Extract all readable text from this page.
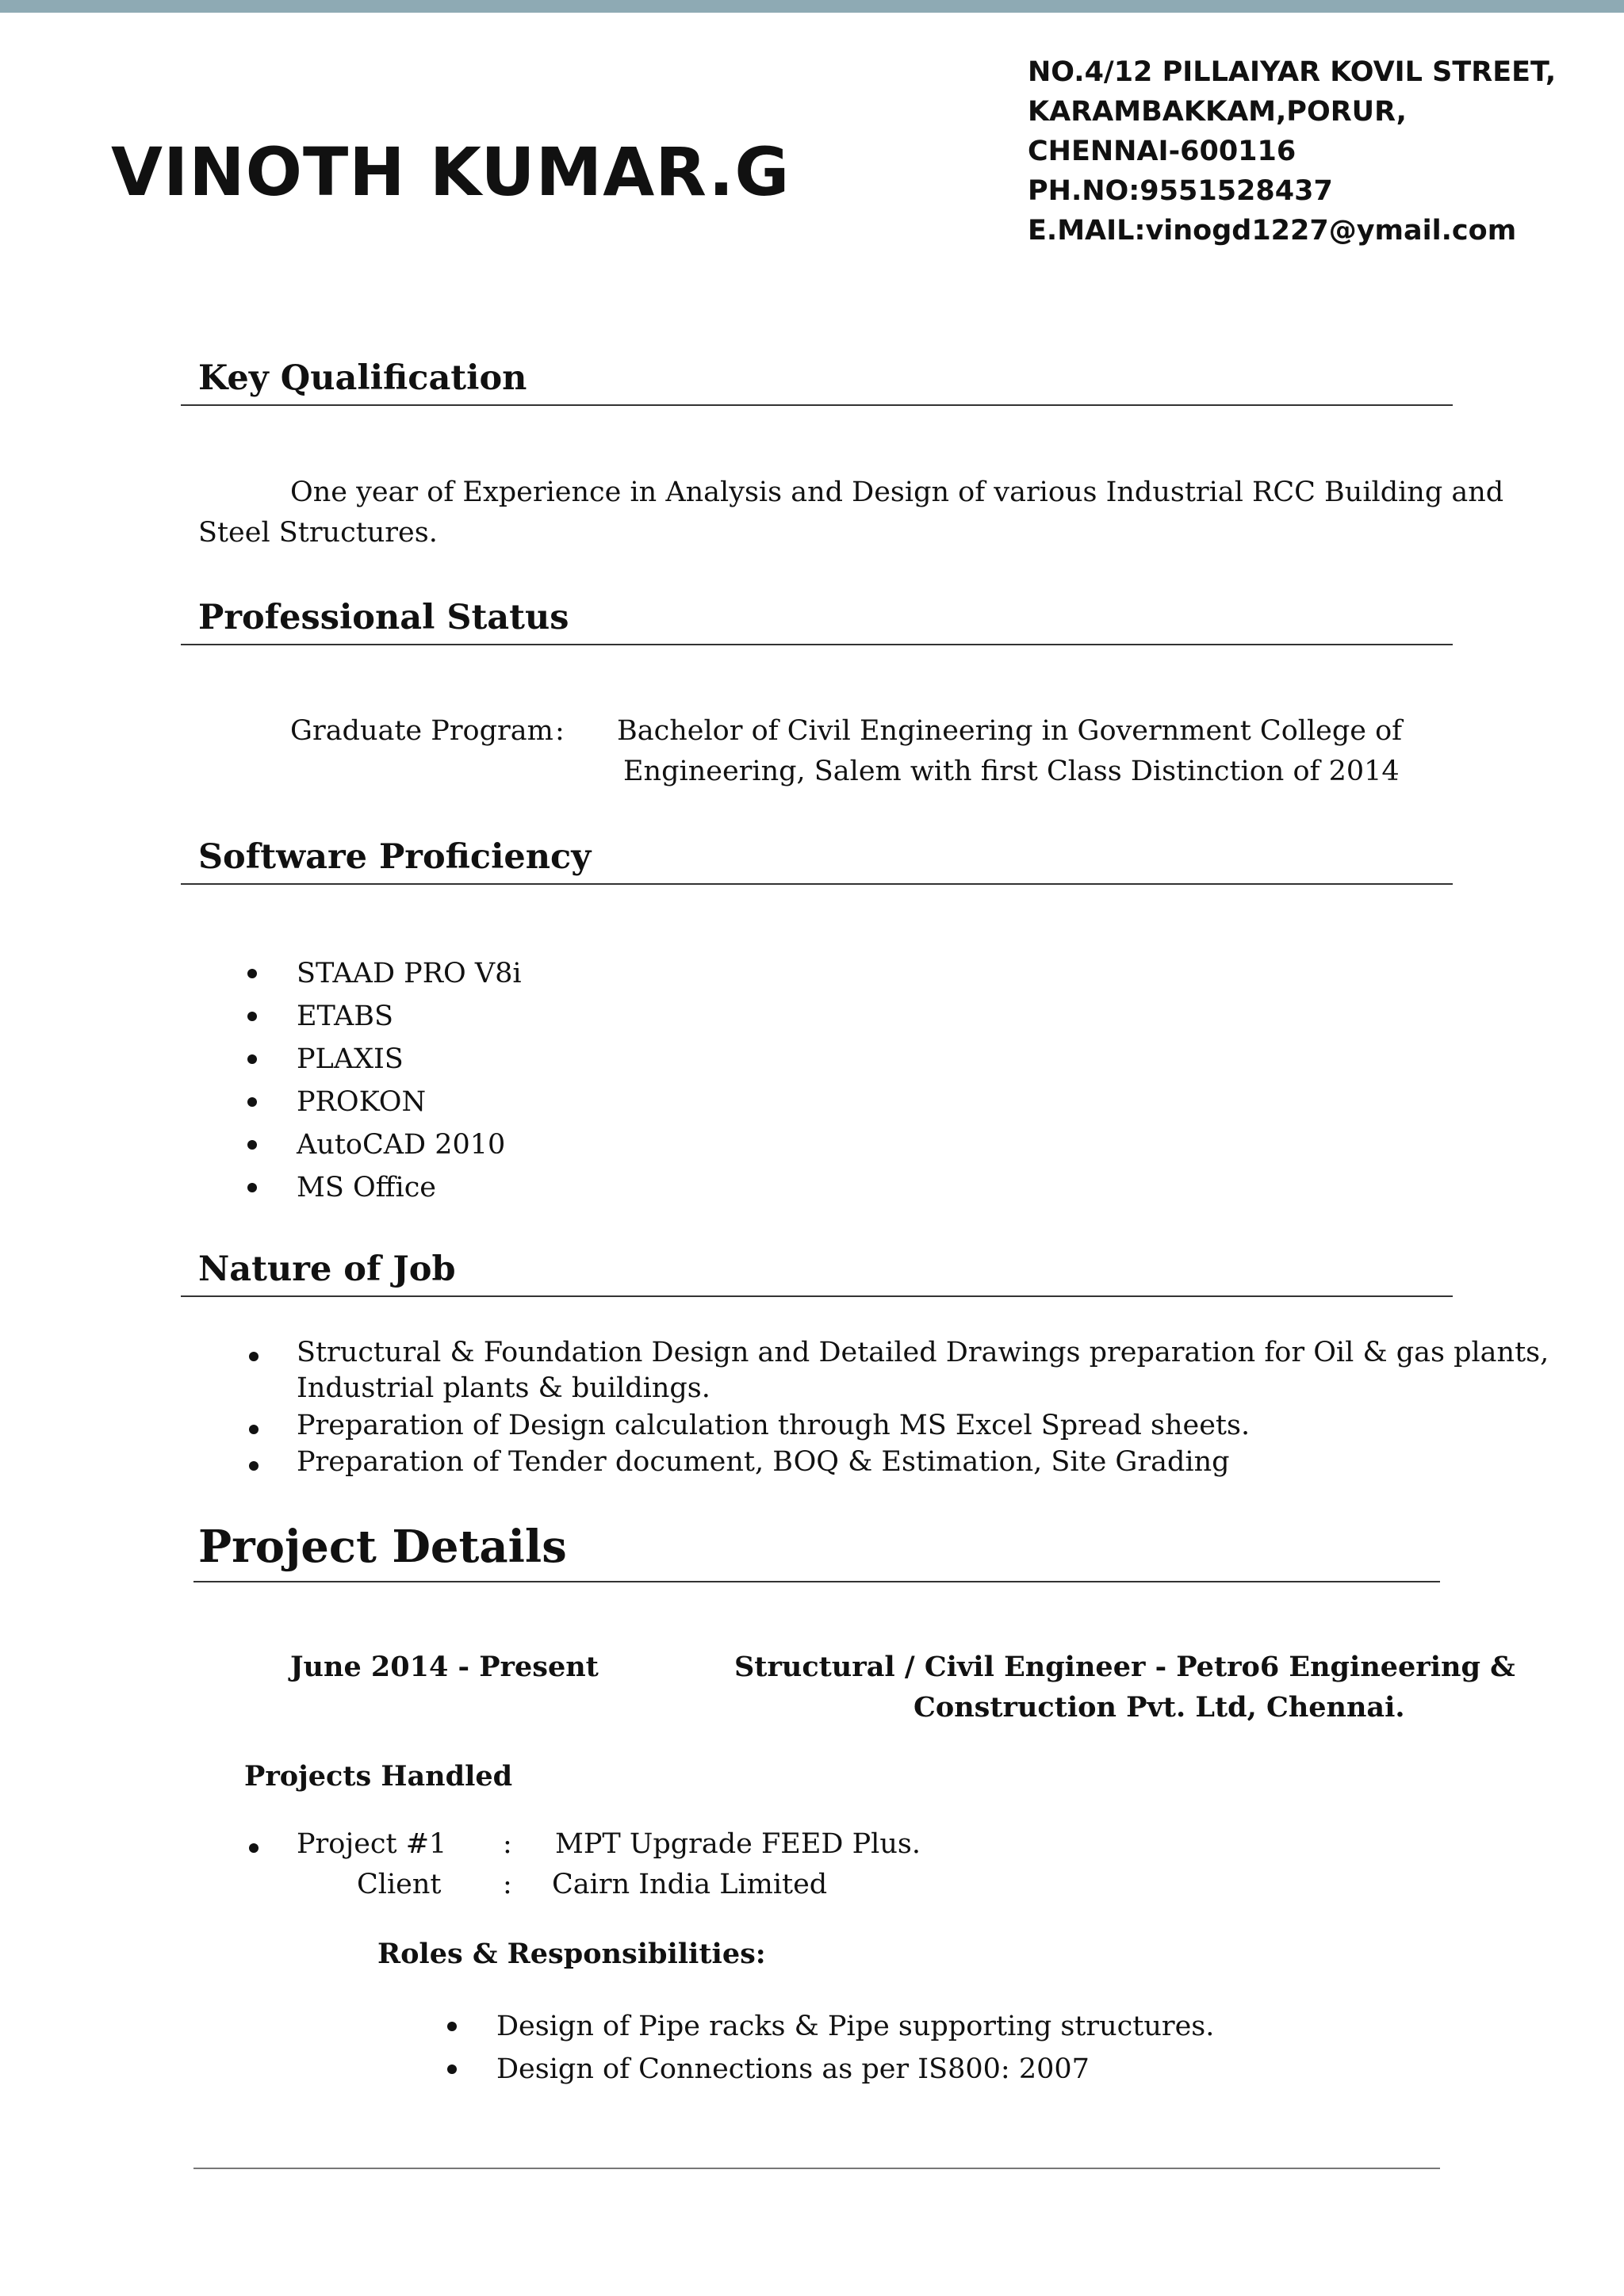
VINOTH KUMAR.G
NO.4/12 PILLAIYAR KOVIL STREET,
KARAMBAKKAM,PORUR,
CHENNAI-600116
PH.NO:9551528437
E.MAIL:vinogd1227@ymail.com
Key Qualification
One year of Experience in Analysis and Design of various Industrial RCC Building and
Steel Structures.
Professional Status
Graduate Program : Bachelor of Civil Engineering in Government College of
Engineering, Salem with first Class Distinction of 2014
Software Proficiency
STAAD PRO V8i
ETABS
PLAXIS
PROKON
AutoCAD 2010
MS Office
Nature of Job
Structural & Foundation Design and Detailed Drawings preparation for Oil & gas plants,
Industrial plants & buildings.
Preparation of Design calculation through MS Excel Spread sheets.
Preparation of Tender document, BOQ & Estimation, Site Grading
Project Details
June 2014 - Present	Structural / Civil Engineer - Petro6 Engineering &
Construction Pvt. Ltd, Chennai.
Projects Handled
Project #1 : MPT Upgrade FEED Plus.
Client : Cairn India Limited
Roles & Responsibilities:
Design of Pipe racks & Pipe supporting structures.
Design of Connections as per IS800: 2007
